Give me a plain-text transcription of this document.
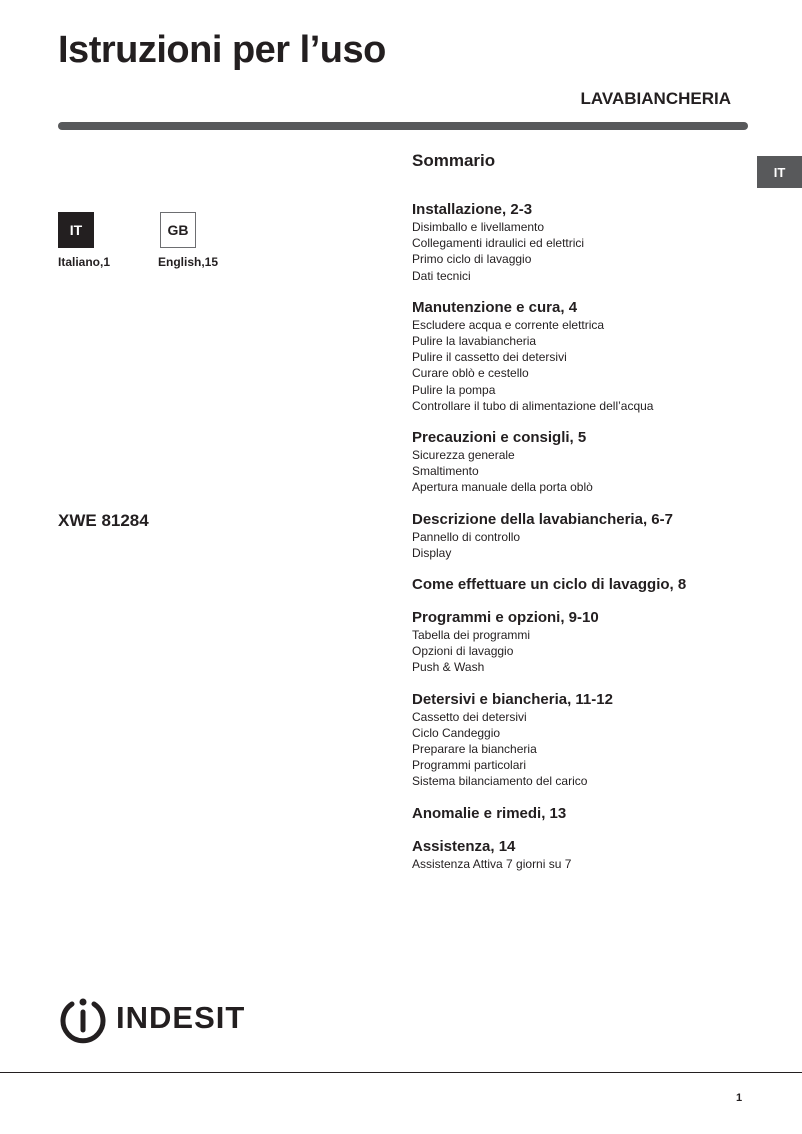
Istruzioni per l’uso
LAVABIANCHERIA
IT
IT
Italiano,1
GB
English,15
XWE 81284
Sommario
Installazione, 2-3
Disimballo e livellamento
Collegamenti idraulici ed elettrici
Primo ciclo di lavaggio
Dati tecnici
Manutenzione e cura, 4
Escludere acqua e corrente elettrica
Pulire la lavabiancheria
Pulire il cassetto dei detersivi
Curare oblò e cestello
Pulire la pompa
Controllare il tubo di alimentazione dell’acqua
Precauzioni e consigli, 5
Sicurezza generale
Smaltimento
Apertura manuale della porta oblò
Descrizione della lavabiancheria, 6-7
Pannello di controllo
Display
Come effettuare un ciclo di lavaggio, 8
Programmi e opzioni, 9-10
Tabella dei programmi
Opzioni di lavaggio
Push & Wash
Detersivi e biancheria, 11-12
Cassetto dei detersivi
Ciclo Candeggio
Preparare la biancheria
Programmi particolari
Sistema bilanciamento del carico
Anomalie e rimedi, 13
Assistenza, 14
Assistenza Attiva 7 giorni su 7
INDESIT
1
